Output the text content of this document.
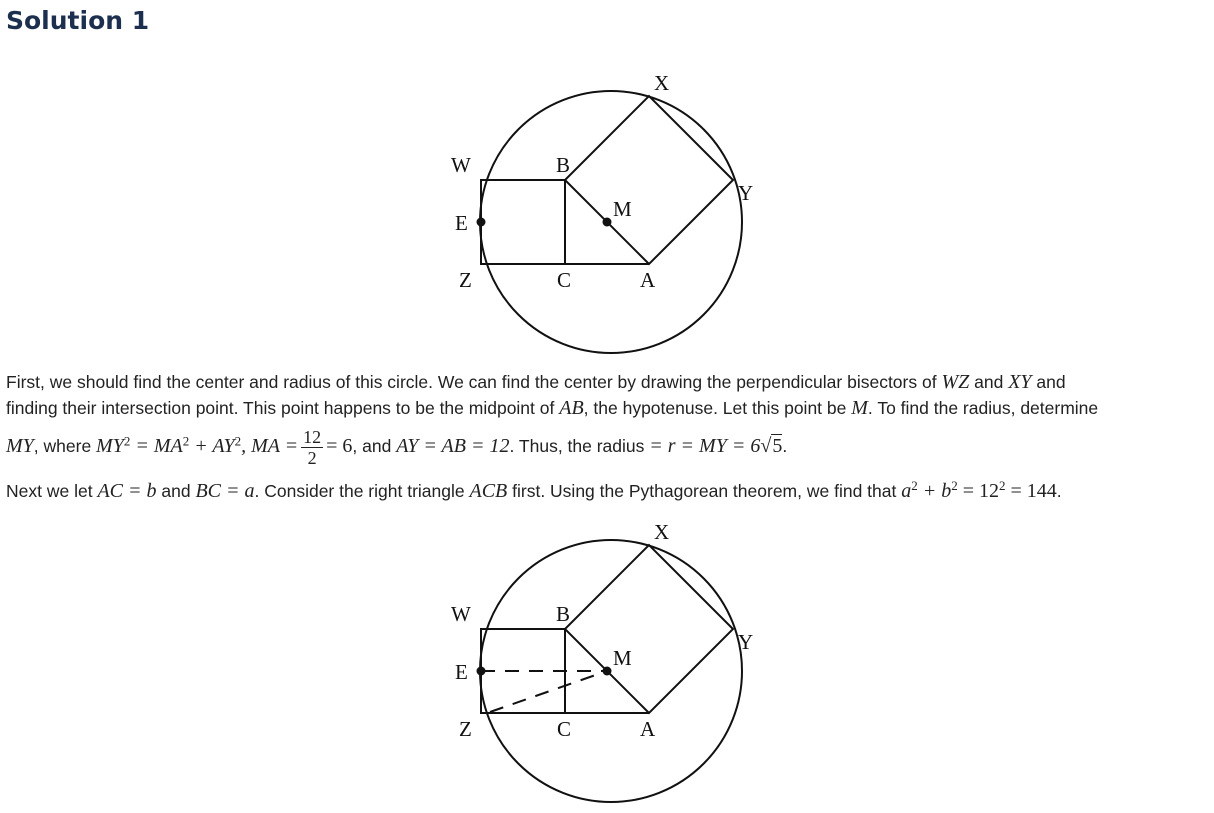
Solution 1
X
W	B
Y
M
E
Z	C	A

First, we should find the center and radius of this circle. We can find the center by drawing the perpendicular bisectors of WZ and XY and
finding their intersection point. This point happens to be the midpoint of AB, the hypotenuse. Let this point be M. To find the radius, determine
MY, where $MY^2 = MA^2 + AY^2$, MA = $\frac{12}{2} = 6$, and AY = AB = 12. Thus, the radius = r = MY = 6√5.

Next we let AC = b and BC = a. Consider the right triangle ACB first. Using the Pythagorean theorem, we find that $a^2 + b^2 = 12^2 = 144$.

X
W	B
Y
M
E
Z	C	A
